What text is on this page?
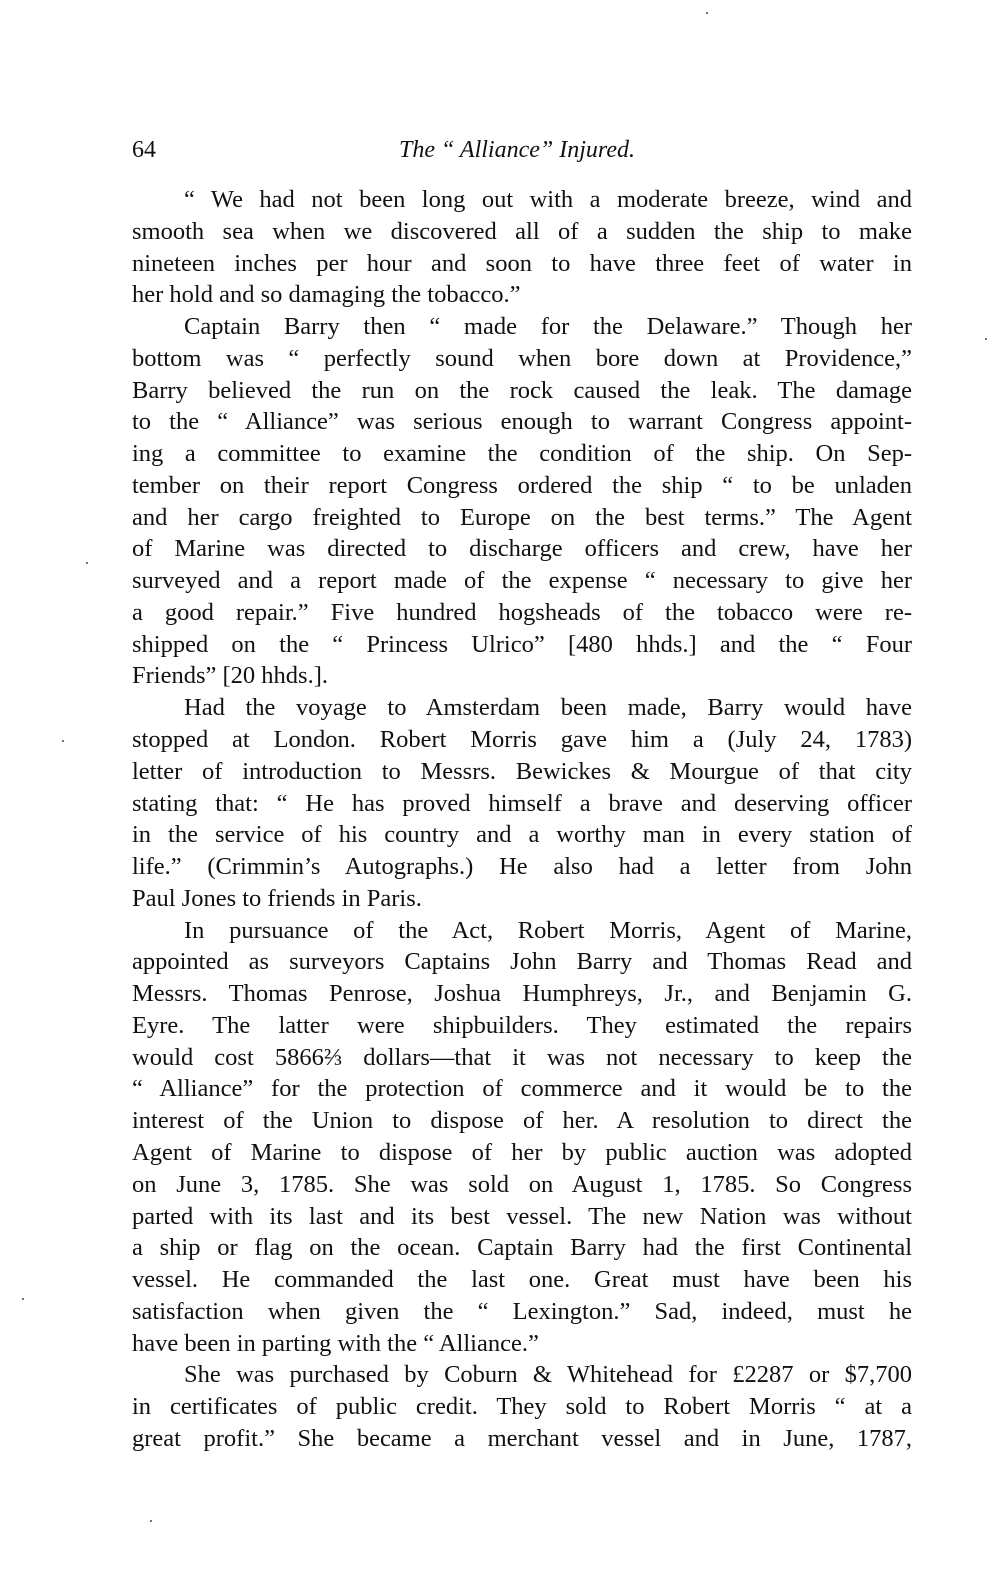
64	The “ Alliance” Injured.
“ We had not been long out with a moderate breeze, wind and
smooth sea when we discovered all of a sudden the ship to make
nineteen inches per hour and soon to have three feet of water in
her hold and so damaging the tobacco.”
Captain Barry then “ made for the Delaware.” Though her
bottom was “ perfectly sound when bore down at Providence,”
Barry believed the run on the rock caused the leak. The damage
to the “ Alliance” was serious enough to warrant Congress appoint-
ing a committee to examine the condition of the ship. On Sep-
tember on their report Congress ordered the ship “ to be unladen
and her cargo freighted to Europe on the best terms.” The Agent
of Marine was directed to discharge officers and crew, have her
surveyed and a report made of the expense “ necessary to give her
a good repair.” Five hundred hogsheads of the tobacco were re-
shipped on the “ Princess Ulrico” [480 hhds.] and the “ Four
Friends” [20 hhds.].
Had the voyage to Amsterdam been made, Barry would have
stopped at London. Robert Morris gave him a (July 24, 1783)
letter of introduction to Messrs. Bewickes & Mourgue of that city
stating that: “ He has proved himself a brave and deserving officer
in the service of his country and a worthy man in every station of
life.” (Crimmin’s Autographs.) He also had a letter from John
Paul Jones to friends in Paris.
In pursuance of the Act, Robert Morris, Agent of Marine,
appointed as surveyors Captains John Barry and Thomas Read and
Messrs. Thomas Penrose, Joshua Humphreys, Jr., and Benjamin G.
Eyre. The latter were shipbuilders. They estimated the repairs
would cost 5866⅔ dollars—that it was not necessary to keep the
“ Alliance” for the protection of commerce and it would be to the
interest of the Union to dispose of her. A resolution to direct the
Agent of Marine to dispose of her by public auction was adopted
on June 3, 1785. She was sold on August 1, 1785. So Congress
parted with its last and its best vessel. The new Nation was without
a ship or flag on the ocean. Captain Barry had the first Continental
vessel. He commanded the last one. Great must have been his
satisfaction when given the “ Lexington.” Sad, indeed, must he
have been in parting with the “ Alliance.”
She was purchased by Coburn & Whitehead for £2287 or $7,700
in certificates of public credit. They sold to Robert Morris “ at a
great profit.” She became a merchant vessel and in June, 1787,
